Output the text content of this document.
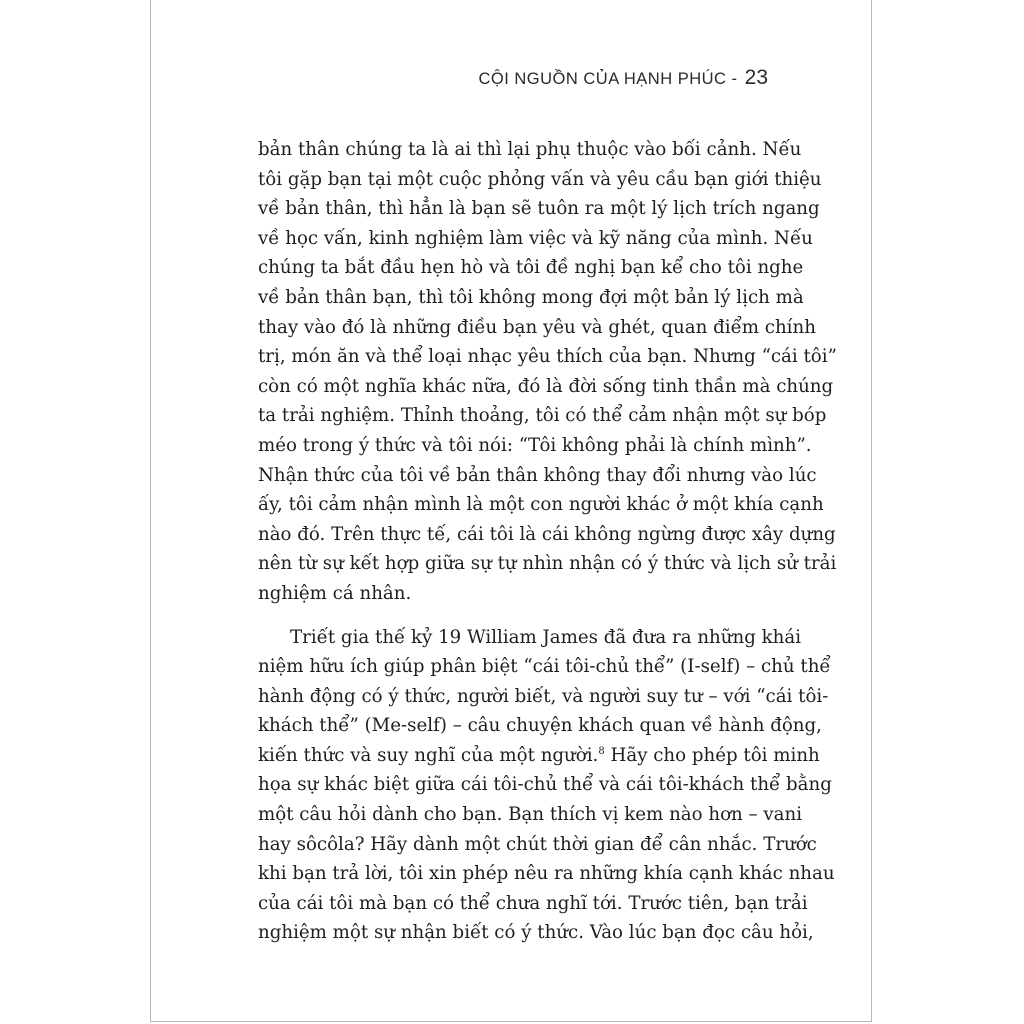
CỘI NGUỒN CỦA HẠNH PHÚC - 23
bản thân chúng ta là ai thì lại phụ thuộc vào bối cảnh. Nếu
tôi gặp bạn tại một cuộc phỏng vấn và yêu cầu bạn giới thiệu
về bản thân, thì hẳn là bạn sẽ tuôn ra một lý lịch trích ngang
về học vấn, kinh nghiệm làm việc và kỹ năng của mình. Nếu
chúng ta bắt đầu hẹn hò và tôi đề nghị bạn kể cho tôi nghe
về bản thân bạn, thì tôi không mong đợi một bản lý lịch mà
thay vào đó là những điều bạn yêu và ghét, quan điểm chính
trị, món ăn và thể loại nhạc yêu thích của bạn. Nhưng “cái tôi”
còn có một nghĩa khác nữa, đó là đời sống tinh thần mà chúng
ta trải nghiệm. Thỉnh thoảng, tôi có thể cảm nhận một sự bóp
méo trong ý thức và tôi nói: “Tôi không phải là chính mình”.
Nhận thức của tôi về bản thân không thay đổi nhưng vào lúc
ấy, tôi cảm nhận mình là một con người khác ở một khía cạnh
nào đó. Trên thực tế, cái tôi là cái không ngừng được xây dựng
nên từ sự kết hợp giữa sự tự nhìn nhận có ý thức và lịch sử trải
nghiệm cá nhân.
Triết gia thế kỷ 19 William James đã đưa ra những khái
niệm hữu ích giúp phân biệt “cái tôi-chủ thể” (I-self) – chủ thể
hành động có ý thức, người biết, và người suy tư – với “cái tôi-
khách thể” (Me-self) – câu chuyện khách quan về hành động,
kiến thức và suy nghĩ của một người.$^8$ Hãy cho phép tôi minh
họa sự khác biệt giữa cái tôi-chủ thể và cái tôi-khách thể bằng
một câu hỏi dành cho bạn. Bạn thích vị kem nào hơn – vani
hay sôcôla? Hãy dành một chút thời gian để cân nhắc. Trước
khi bạn trả lời, tôi xin phép nêu ra những khía cạnh khác nhau
của cái tôi mà bạn có thể chưa nghĩ tới. Trước tiên, bạn trải
nghiệm một sự nhận biết có ý thức. Vào lúc bạn đọc câu hỏi,
